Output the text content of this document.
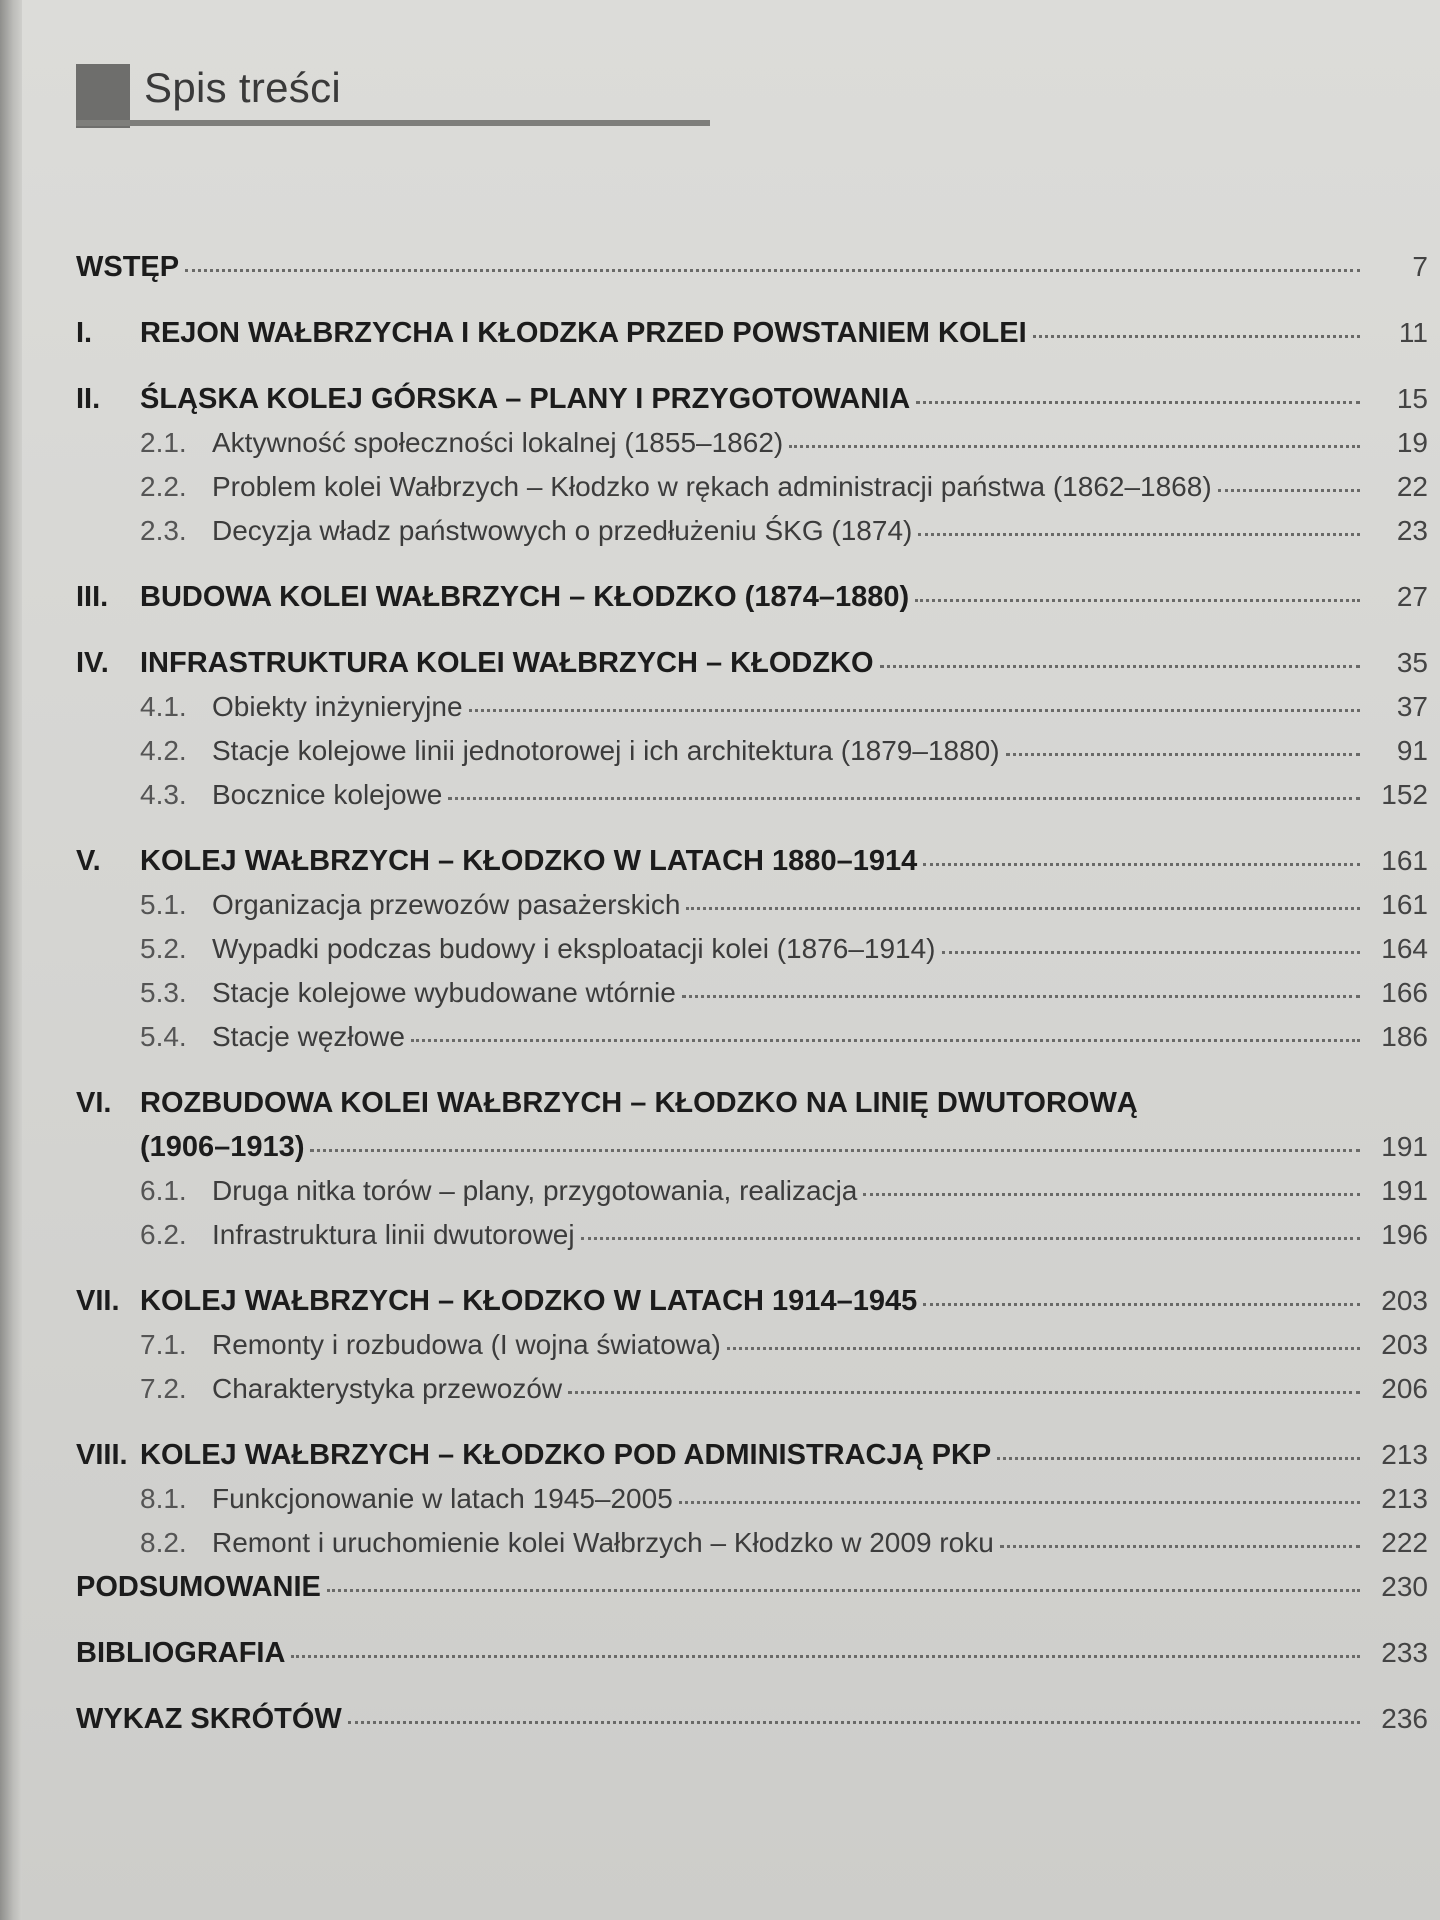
Spis treści
WSTĘP	7
I.	REJON WAŁBRZYCHA I KŁODZKA PRZED POWSTANIEM KOLEI	11
II.	ŚLĄSKA KOLEJ GÓRSKA – PLANY I PRZYGOTOWANIA	15
2.1. Aktywność społeczności lokalnej (1855–1862)	19
2.2. Problem kolei Wałbrzych – Kłodzko w rękach administracji państwa (1862–1868)	22
2.3. Decyzja władz państwowych o przedłużeniu ŚKG (1874)	23
III.	BUDOWA KOLEI WAŁBRZYCH – KŁODZKO (1874–1880)	27
IV.	INFRASTRUKTURA KOLEI WAŁBRZYCH – KŁODZKO	35
4.1. Obiekty inżynieryjne	37
4.2. Stacje kolejowe linii jednotorowej i ich architektura (1879–1880)	91
4.3. Bocznice kolejowe	152
V.	KOLEJ WAŁBRZYCH – KŁODZKO W LATACH 1880–1914	161
5.1. Organizacja przewozów pasażerskich	161
5.2. Wypadki podczas budowy i eksploatacji kolei (1876–1914)	164
5.3. Stacje kolejowe wybudowane wtórnie	166
5.4. Stacje węzłowe	186
VI. ROZBUDOWA KOLEI WAŁBRZYCH – KŁODZKO NA LINIĘ DWUTOROWĄ
(1906–1913)	191
6.1. Druga nitka torów – plany, przygotowania, realizacja	191
6.2. Infrastruktura linii dwutorowej	196
VII. KOLEJ WAŁBRZYCH – KŁODZKO W LATACH 1914–1945	203
7.1. Remonty i rozbudowa (I wojna światowa)	203
7.2. Charakterystyka przewozów	206
VIII. KOLEJ WAŁBRZYCH – KŁODZKO POD ADMINISTRACJĄ PKP	213
8.1. Funkcjonowanie w latach 1945–2005	213
8.2. Remont i uruchomienie kolei Wałbrzych – Kłodzko w 2009 roku	222
PODSUMOWANIE	230
BIBLIOGRAFIA	233
WYKAZ SKRÓTÓW	236
